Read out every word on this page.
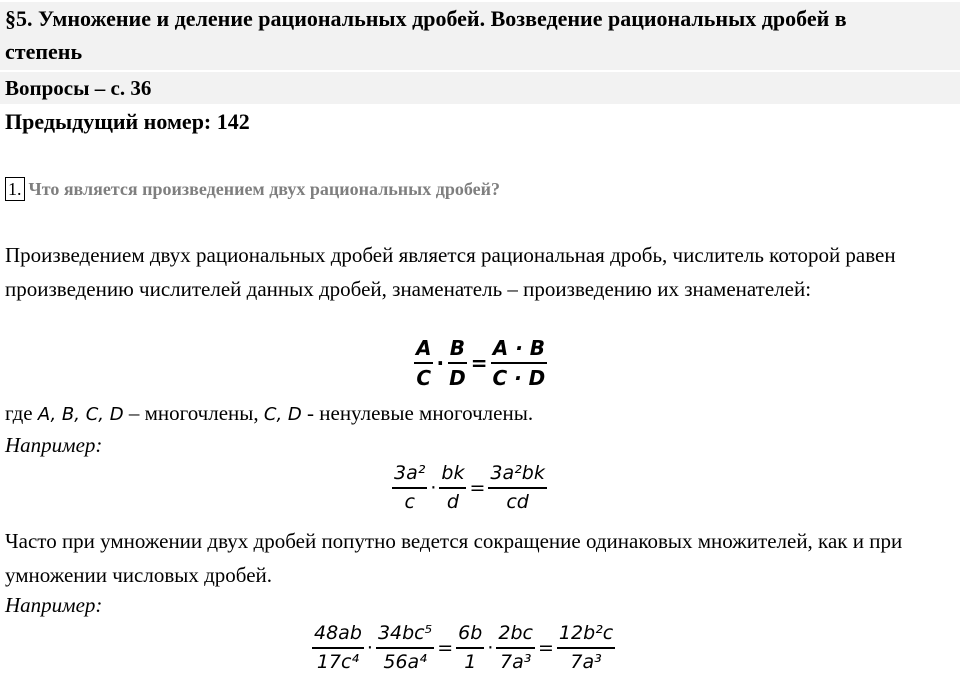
§5. Умножение и деление рациональных дробей. Возведение рациональных дробей в степень
Вопросы – с. 36
Предыдущий номер: 142
1. Что является произведением двух рациональных дробей?
Произведением двух рациональных дробей является рациональная дробь, числитель которой равен произведению числителей данных дробей, знаменатель – произведению их знаменателей:
$\frac{A}{C} \cdot \frac{B}{D} = \frac{A \cdot B}{C \cdot D}$
где A, B, C, D – многочлены, C, D - ненулевые многочлены.
Например:
$\frac{\text{3a²}}{c} \cdot \frac{bk}{d} = \frac{\text{3a²bk}}{cd}$
Часто при умножении двух дробей попутно ведется сокращение одинаковых множителей, как и при умножении числовых дробей.
Например:
$\frac{48ab}{\text{17c⁴}} \cdot \frac{\text{34bc⁵}}{\text{56a⁴}} = \frac{6b}{1} \cdot \frac{2bc}{\text{7a³}} = \frac{\text{12b²c}}{\text{7a³}}$
